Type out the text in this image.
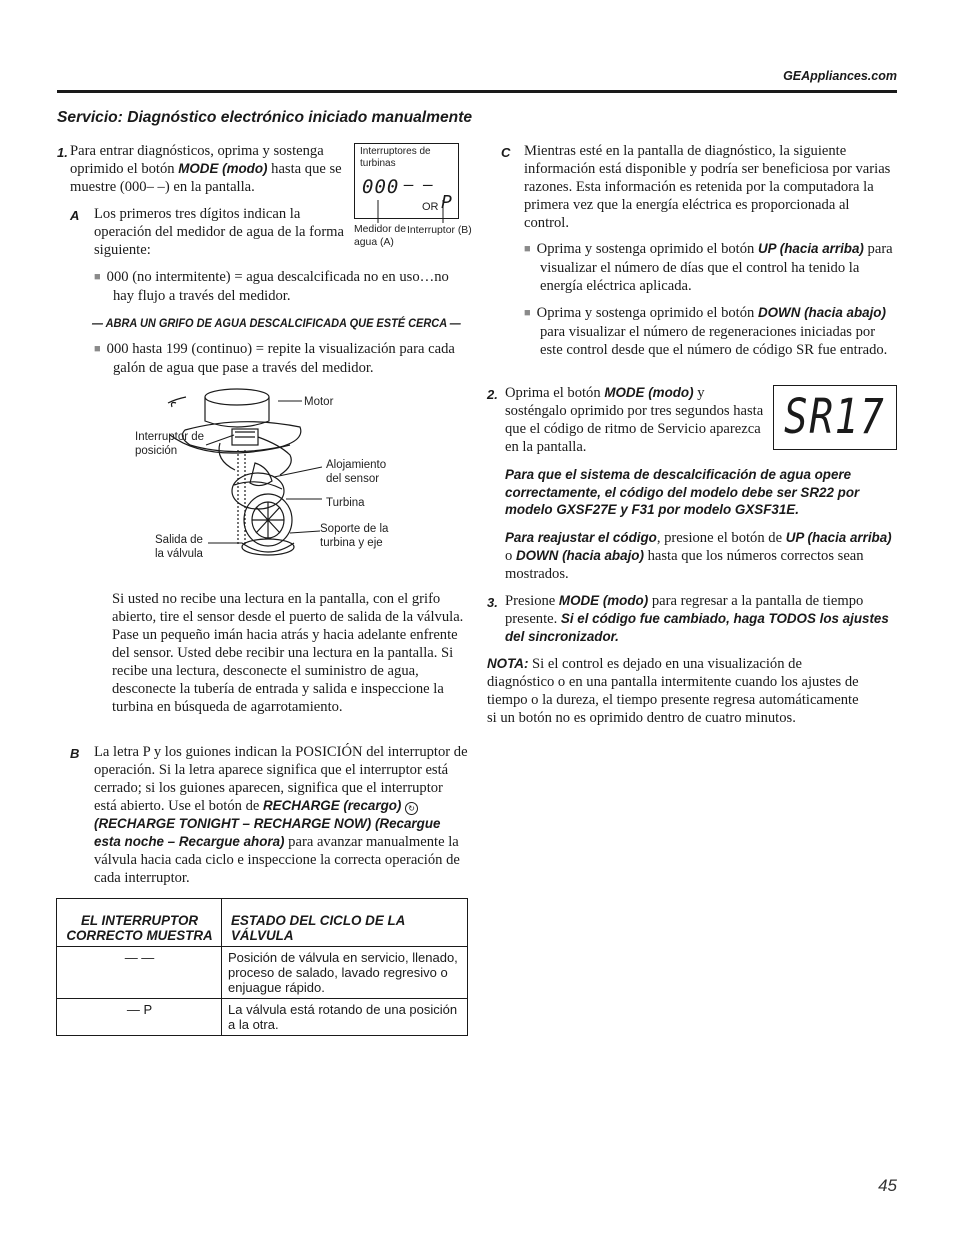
GEAppliances.com
Servicio: Diagnóstico electrónico iniciado manualmente
1. Para entrar diagnósticos, oprima y sostenga oprimido el botón MODE (modo) hasta que se muestre (000– –) en la pantalla.

Interruptores de turbinas
000 – –
OR P
Medidor de agua (A)
Interruptor (B)
A Los primeros tres dígitos indican la operación del medidor de agua de la forma siguiente:

■ 000 (no intermitente) = agua descalcificada no en uso…no hay flujo a través del medidor.

— ABRA UN GRIFO DE AGUA DESCALCIFICADA QUE ESTÉ CERCA —

■ 000 hasta 199 (continuo) = repite la visualización para cada galón de agua que pase a través del medidor.

Motor
Interruptor de posición
Alojamiento del sensor
Turbina
Salida de la válvula
Soporte de la turbina y eje

Si usted no recibe una lectura en la pantalla, con el grifo abierto, tire el sensor desde el puerto de salida de la válvula. Pase un pequeño imán hacia atrás y hacia adelante enfrente del sensor. Usted debe recibir una lectura en la pantalla. Si recibe una lectura, desconecte el suministro de agua, desconecte la tubería de entrada y salida e inspeccione la turbina en búsqueda de agarrotamiento.

B La letra P y los guiones indican la POSICIÓN del interruptor de operación. Si la letra aparece significa que el interruptor está cerrado; si los guiones aparecen, significa que el interruptor está abierto. Use el botón de RECHARGE (recargo) ↻ (RECHARGE TONIGHT – RECHARGE NOW) (Recargue esta noche – Recargue ahora) para avanzar manualmente la válvula hacia cada ciclo e inspeccione la correcta operación de cada interruptor.

EL INTERRUPTOR CORRECTO MUESTRA	ESTADO DEL CICLO DE LA VÁLVULA
— —	Posición de válvula en servicio, llenado, proceso de salado, lavado regresivo o enjuague rápido.
— P	La válvula está rotando de una posición a la otra.
C Mientras esté en la pantalla de diagnóstico, la siguiente información está disponible y podría ser beneficiosa por varias razones. Esta información es retenida por la computadora la primera vez que la energía eléctrica es proporcionada al control.

■ Oprima y sostenga oprimido el botón UP (hacia arriba) para visualizar el número de días que el control ha tenido la energía eléctrica aplicada.

■ Oprima y sostenga oprimido el botón DOWN (hacia abajo) para visualizar el número de regeneraciones iniciadas por este control desde que el número de código SR fue entrado.

2. Oprima el botón MODE (modo) y sosténgalo oprimido por tres segundos hasta que el código de ritmo de Servicio aparezca en la pantalla.

SR17

Para que el sistema de descalcificación de agua opere correctamente, el código del modelo debe ser SR22 por modelo GXSF27E y F31 por modelo GXSF31E.

Para reajustar el código, presione el botón de UP (hacia arriba) o DOWN (hacia abajo) hasta que los números correctos sean mostrados.

3. Presione MODE (modo) para regresar a la pantalla de tiempo presente. Si el código fue cambiado, haga TODOS los ajustes del sincronizador.

NOTA: Si el control es dejado en una visualización de diagnóstico o en una pantalla intermitente cuando los ajustes de tiempo o la dureza, el tiempo presente regresa automáticamente si un botón no es oprimido dentro de cuatro minutos.

45
